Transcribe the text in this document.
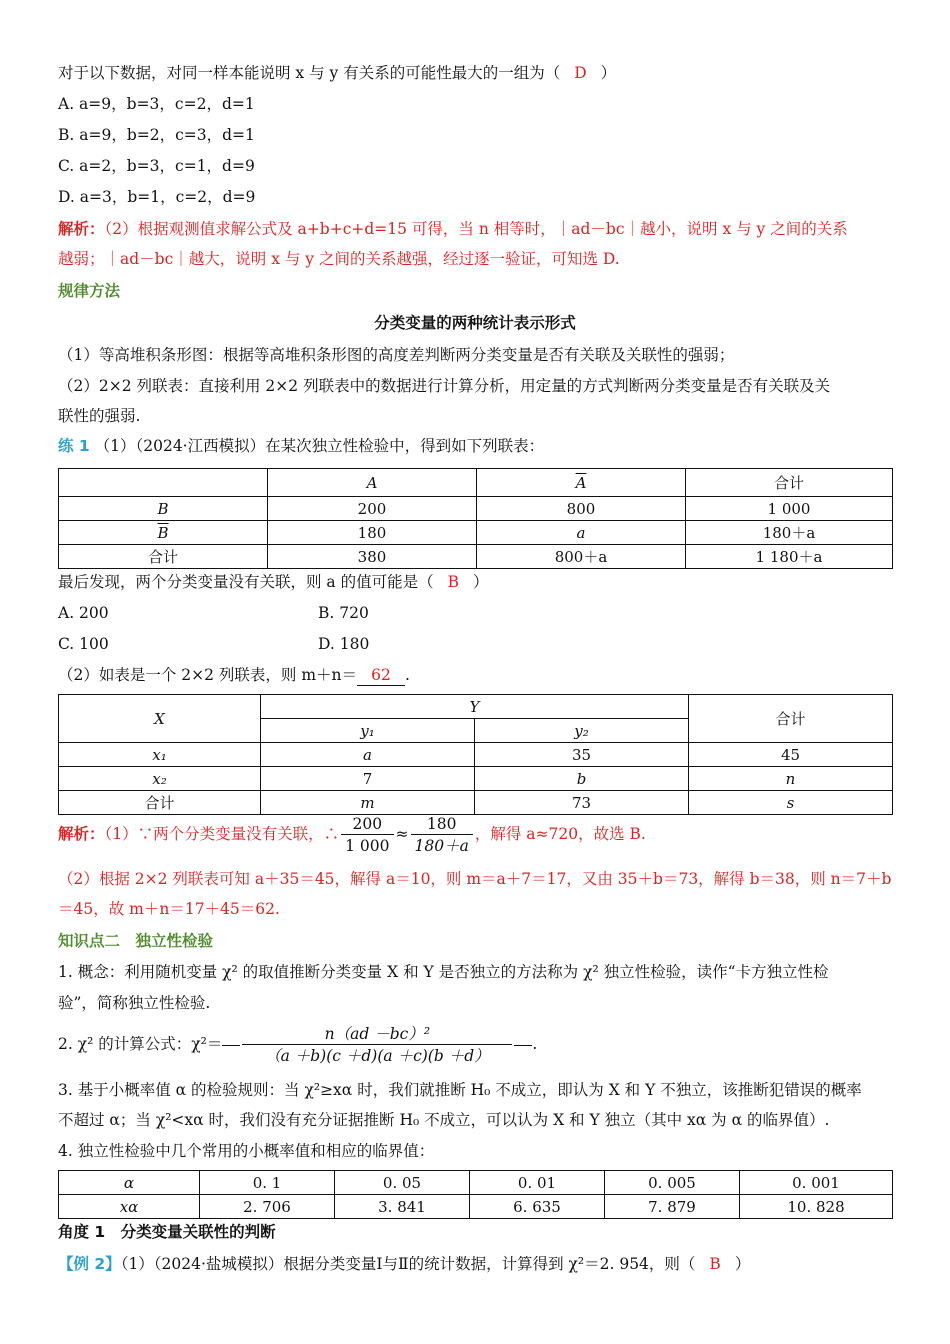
对于以下数据，对同一样本能说明 x 与 y 有关系的可能性最大的一组为（ D ）
A. a=9，b=3，c=2，d=1
B. a=9，b=2，c=3，d=1
C. a=2，b=3，c=1，d=9
D. a=3，b=1，c=2，d=9
解析：（2）根据观测值求解公式及 a+b+c+d=15 可得，当 n 相等时，｜ad－bc｜越小，说明 x 与 y 之间的关系
越弱；｜ad－bc｜越大，说明 x 与 y 之间的关系越强，经过逐一验证，可知选 D.
规律方法
分类变量的两种统计表示形式
（1）等高堆积条形图：根据等高堆积条形图的高度差判断两分类变量是否有关联及关联性的强弱；
（2）2×2 列联表：直接利用 2×2 列联表中的数据进行计算分析，用定量的方式判断两分类变量是否有关联及关
联性的强弱.
练 1 （1）（2024·江西模拟）在某次独立性检验中，得到如下列联表：
	A	$\overline{A}$	合计
B	200	800	1 000
$\overline{B}$	180	a	180＋a
合计	380	800＋a	1 180＋a
最后发现，两个分类变量没有关联，则 a 的值可能是（ B ）
A. 200	B. 720
C. 100	D. 180
（2）如表是一个 2×2 列联表，则 m＋n＝ 62 .
X	Y		合计
	y₁	y₂	
x₁	a	35	45
x₂	7	b	n
合计	m	73	s
解析：（1）∵两个分类变量没有关联，∴ $\frac{200}{1 000} \approx \frac{180}{180+a}$ ，解得 a≈720，故选 B.
（2）根据 2×2 列联表可知 a＋35＝45，解得 a＝10，则 m＝a＋7＝17，又由 35＋b＝73，解得 b＝38，则 n＝7＋b
＝45，故 m＋n＝17＋45＝62.
知识点二　独立性检验
1. 概念：利用随机变量 χ² 的取值推断分类变量 X 和 Y 是否独立的方法称为 χ² 独立性检验，读作“卡方独立性检
验”，简称独立性检验.
2. χ² 的计算公式：$\chi^2= \frac{\text{n（ad －bc）²}}{(a +b)(c +d)(a +c)(b +d)}$ .
3. 基于小概率值 α 的检验规则：当 χ²≥xα 时，我们就推断 H₀ 不成立，即认为 X 和 Y 不独立，该推断犯错误的概率
不超过 α；当 χ²<xα 时，我们没有充分证据推断 H₀ 不成立，可以认为 X 和 Y 独立（其中 xα 为 α 的临界值）.
4. 独立性检验中几个常用的小概率值和相应的临界值：
α	0. 1	0. 05	0. 01	0. 005	0. 001
xα	2. 706	3. 841	6. 635	7. 879	10. 828
角度 1　分类变量关联性的判断
【例 2】（1）（2024·盐城模拟）根据分类变量Ⅰ与Ⅱ的统计数据，计算得到 χ²＝2. 954，则（ B ）
